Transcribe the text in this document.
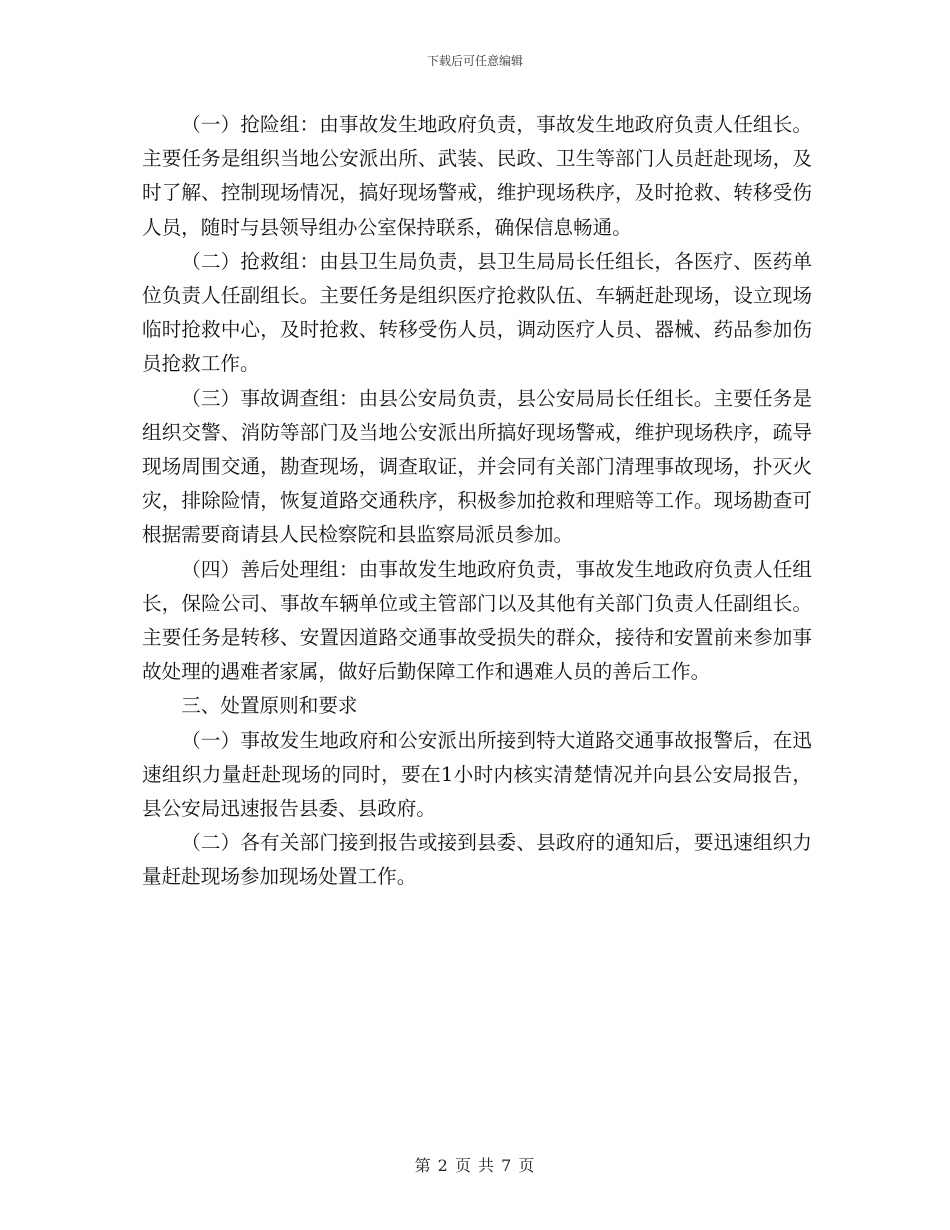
下载后可任意编辑

（一）抢险组：由事故发生地政府负责，事故发生地政府负责人任组长。主要任务是组织当地公安派出所、武装、民政、卫生等部门人员赶赴现场，及时了解、控制现场情况，搞好现场警戒，维护现场秩序，及时抢救、转移受伤人员，随时与县领导组办公室保持联系，确保信息畅通。

（二）抢救组：由县卫生局负责，县卫生局局长任组长，各医疗、医药单位负责人任副组长。主要任务是组织医疗抢救队伍、车辆赶赴现场，设立现场临时抢救中心，及时抢救、转移受伤人员，调动医疗人员、器械、药品参加伤员抢救工作。

（三）事故调查组：由县公安局负责，县公安局局长任组长。主要任务是组织交警、消防等部门及当地公安派出所搞好现场警戒，维护现场秩序，疏导现场周围交通，勘查现场，调查取证，并会同有关部门清理事故现场，扑灭火灾，排除险情，恢复道路交通秩序，积极参加抢救和理赔等工作。现场勘查可根据需要商请县人民检察院和县监察局派员参加。

（四）善后处理组：由事故发生地政府负责，事故发生地政府负责人任组长，保险公司、事故车辆单位或主管部门以及其他有关部门负责人任副组长。主要任务是转移、安置因道路交通事故受损失的群众，接待和安置前来参加事故处理的遇难者家属，做好后勤保障工作和遇难人员的善后工作。

三、处置原则和要求

（一）事故发生地政府和公安派出所接到特大道路交通事故报警后，在迅速组织力量赶赴现场的同时，要在1小时内核实清楚情况并向县公安局报告，县公安局迅速报告县委、县政府。

（二）各有关部门接到报告或接到县委、县政府的通知后，要迅速组织力量赶赴现场参加现场处置工作。

第 2 页 共 7 页
